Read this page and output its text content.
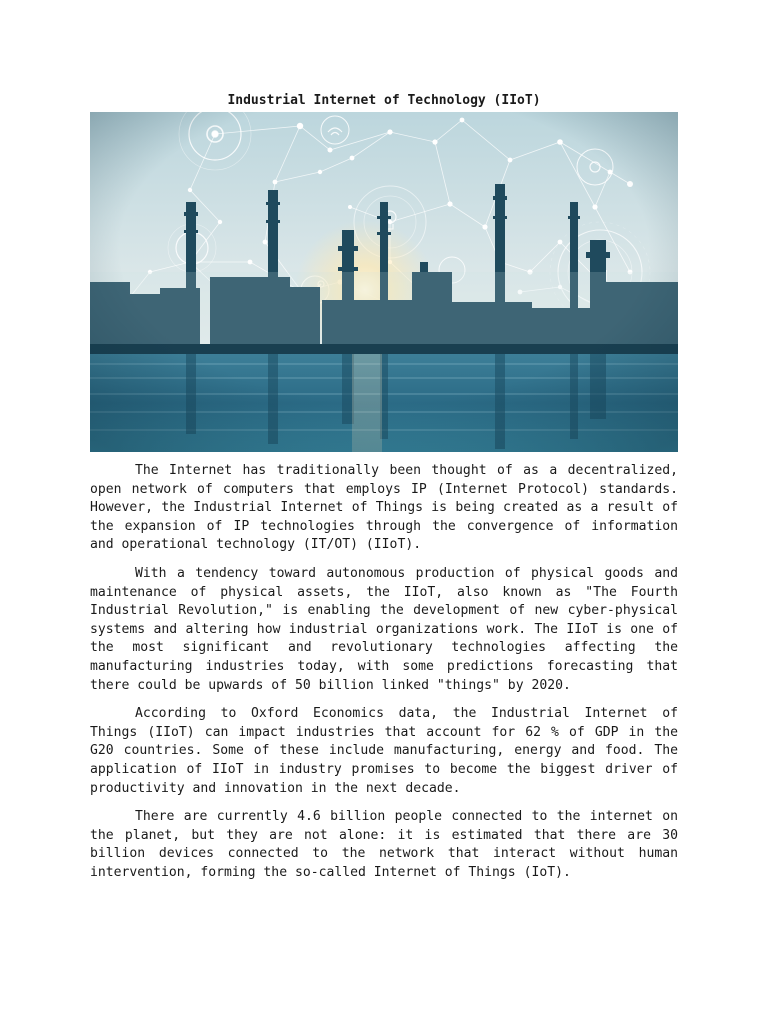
Industrial Internet of Technology (IIoT)

The Internet has traditionally been thought of as a decentralized, open network of computers that employs IP (Internet Protocol) standards. However, the Industrial Internet of Things is being created as a result of the expansion of IP technologies through the convergence of information and operational technology (IT/OT) (IIoT).

With a tendency toward autonomous production of physical goods and maintenance of physical assets, the IIoT, also known as "The Fourth Industrial Revolution," is enabling the development of new cyber-physical systems and altering how industrial organizations work. The IIoT is one of the most significant and revolutionary technologies affecting the manufacturing industries today, with some predictions forecasting that there could be upwards of 50 billion linked "things" by 2020.

According to Oxford Economics data, the Industrial Internet of Things (IIoT) can impact industries that account for 62 % of GDP in the G20 countries. Some of these include manufacturing, energy and food. The application of IIoT in industry promises to become the biggest driver of productivity and innovation in the next decade.

There are currently 4.6 billion people connected to the internet on the planet, but they are not alone: it is estimated that there are 30 billion devices connected to the network that interact without human intervention, forming the so-called Internet of Things (IoT).
